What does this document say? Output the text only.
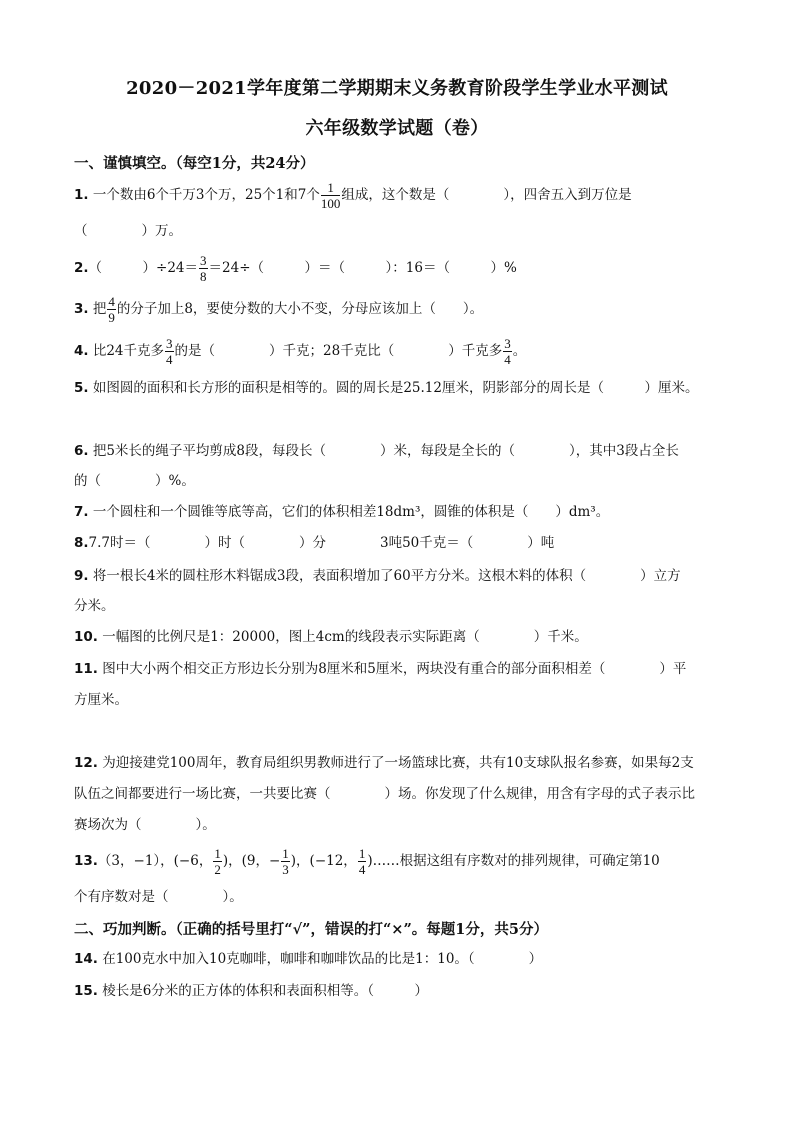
2020－2021学年度第二学期期末义务教育阶段学生学业水平测试
六年级数学试题（卷）
一、谨慎填空。（每空1分，共24分）
1. 一个数由6个千万3个万，25个1和7个 $\frac{1}{100}$ 组成，这个数是（　　　　），四舍五入到万位是
（　　　　）万。
2.（　　　）$\div 24= \frac{3}{8} =24\div$（　　　）＝（　　　）：16＝（　　　）%
3. 把 $\frac{4}{9}$ 的分子加上8，要使分数的大小不变，分母应该加上（　　）。
4. 比24千克多 $\frac{3}{4}$ 的是（　　　　）千克；28千克比（　　　　）千克多 $\frac{3}{4}$ 。
5. 如图圆的面积和长方形的面积是相等的。圆的周长是25.12厘米，阴影部分的周长是（　　　）厘米。
6. 把5米长的绳子平均剪成8段，每段长（　　　　）米，每段是全长的（　　　　），其中3段占全长
的（　　　　）%。
7. 一个圆柱和一个圆锥等底等高，它们的体积相差18dm³，圆锥的体积是（　　）dm³。
8.7.7时＝（　　　　）时（　　　　）分　　　　3吨50千克＝（　　　　）吨
9. 将一根长4米的圆柱形木料锯成3段，表面积增加了60平方分米。这根木料的体积（　　　　）立方
分米。
10. 一幅图的比例尺是1：20000，图上4cm的线段表示实际距离（　　　　）千米。
11. 图中大小两个相交正方形边长分别为8厘米和5厘米，两块没有重合的部分面积相差（　　　　）平
方厘米。
12. 为迎接建党100周年，教育局组织男教师进行了一场篮球比赛，共有10支球队报名参赛，如果每2支
队伍之间都要进行一场比赛，一共要比赛（　　　　）场。你发现了什么规律，用含有字母的式子表示比
赛场次为（　　　　）。
13.（3，−1），(−6， $\frac{1}{2}$ )，(9，− $\frac{1}{3}$ )，(−12， $\frac{1}{4}$ )……根据这组有序数对的排列规律，可确定第10
个有序数对是（　　　　）。
二、巧加判断。（正确的括号里打“√”，错误的打“×”。每题1分，共5分）
14. 在100克水中加入10克咖啡，咖啡和咖啡饮品的比是1：10。（　　　　）
15. 棱长是6分米的正方体的体积和表面积相等。（　　　）
